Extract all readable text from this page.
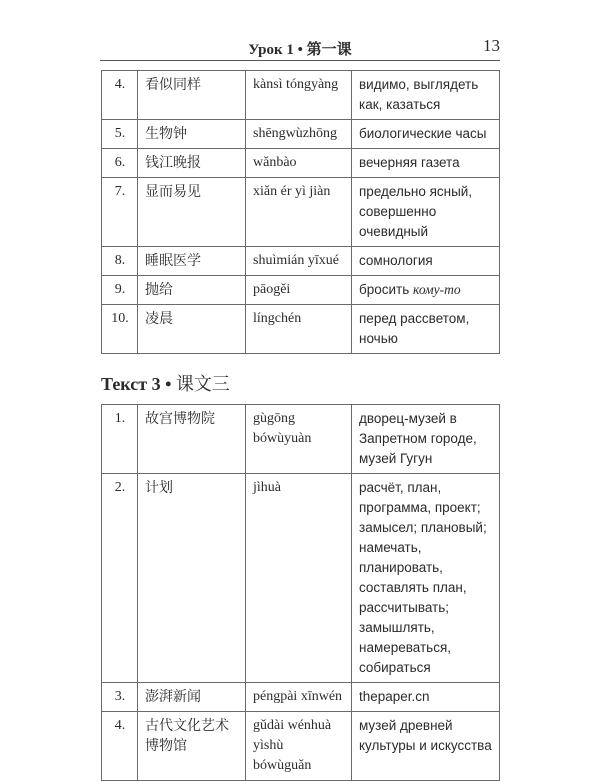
Урок 1 • 第一课	13
4.	看似同样	kànsì tóngyàng	видимо, выглядеть как, казаться
5.	生物钟	shēngwùzhōng	биологические часы
6.	钱江晚报	wǎnbào	вечерняя газета
7.	显而易见	xiǎn ér yì jiàn	предельно ясный, совершенно очевидный
8.	睡眠医学	shuìmián yīxué	сомнология
9.	抛给	pāogěi	бросить кому-то
10.	凌晨	língchén	перед рассветом, ночью
Текст 3 • 课文三
1.	故宫博物院	gùgōng bówùyuàn	дворец-музей в Запретном городе, музей Гугун
2.	计划	jìhuà	расчёт, план, программа, проект; замысел; плановый; намечать, планировать, составлять план, рассчитывать; замышлять, намереваться, собираться
3.	澎湃新闻	péngpài xīnwén	thepaper.cn
4.	古代文化艺术博物馆	gǔdài wénhuà yìshù bówùguǎn	музей древней культуры и искусства
